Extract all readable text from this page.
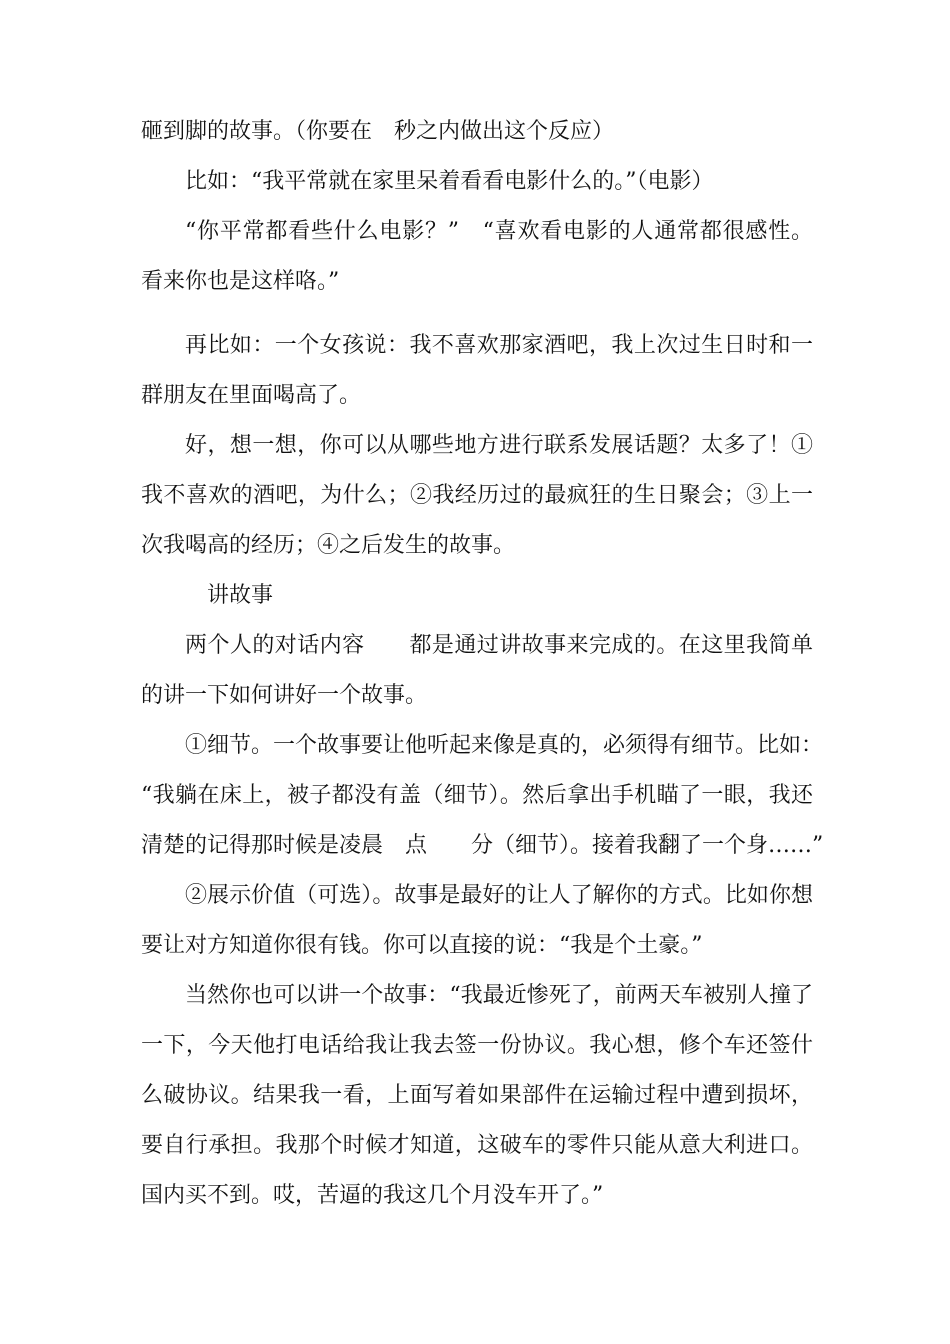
砸到脚的故事。（你要在　秒之内做出这个反应）
比如：“我平常就在家里呆着看看电影什么的。”（电影）
“你平常都看些什么电影？”　“喜欢看电影的人通常都很感性。
看来你也是这样咯。”
再比如：一个女孩说：我不喜欢那家酒吧，我上次过生日时和一
群朋友在里面喝高了。
好，想一想，你可以从哪些地方进行联系发展话题？太多了！①
我不喜欢的酒吧，为什么；②我经历过的最疯狂的生日聚会；③上一
次我喝高的经历；④之后发生的故事。
讲故事
两个人的对话内容　　都是通过讲故事来完成的。在这里我简单
的讲一下如何讲好一个故事。
①细节。一个故事要让他听起来像是真的，必须得有细节。比如：
“我躺在床上，被子都没有盖（细节）。然后拿出手机瞄了一眼，我还
清楚的记得那时候是凌晨　点　　分（细节）。接着我翻了一个身……”
②展示价值（可选）。故事是最好的让人了解你的方式。比如你想
要让对方知道你很有钱。你可以直接的说：“我是个土豪。”
当然你也可以讲一个故事：“我最近惨死了，前两天车被别人撞了
一下，今天他打电话给我让我去签一份协议。我心想，修个车还签什
么破协议。结果我一看，上面写着如果部件在运输过程中遭到损坏，
要自行承担。我那个时候才知道，这破车的零件只能从意大利进口。
国内买不到。哎，苦逼的我这几个月没车开了。”
